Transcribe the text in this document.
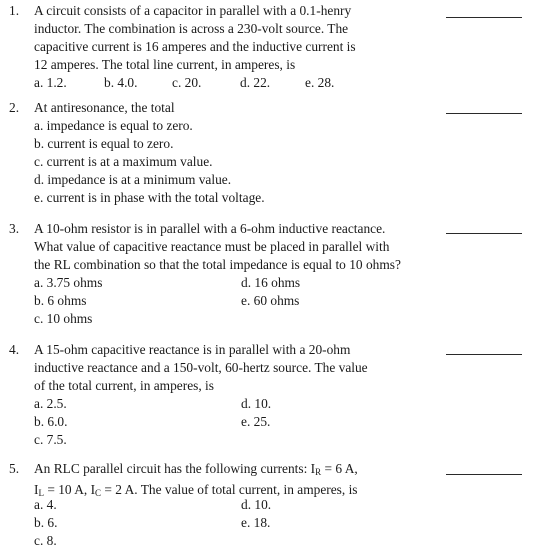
1. A circuit consists of a capacitor in parallel with a 0.1-henry
inductor. The combination is across a 230-volt source. The
capacitive current is 16 amperes and the inductive current is
12 amperes. The total line current, in amperes, is
a. 1.2.	b. 4.0.	c. 20.	d. 22.	e. 28.
2. At antiresonance, the total
a. impedance is equal to zero.
b. current is equal to zero.
c. current is at a maximum value.
d. impedance is at a minimum value.
e. current is in phase with the total voltage.
3. A 10-ohm resistor is in parallel with a 6-ohm inductive reactance.
What value of capacitive reactance must be placed in parallel with
the RL combination so that the total impedance is equal to 10 ohms?
a. 3.75 ohms
b. 6 ohms
c. 10 ohms
d. 16 ohms
e. 60 ohms
4. A 15-ohm capacitive reactance is in parallel with a 20-ohm
inductive reactance and a 150-volt, 60-hertz source. The value
of the total current, in amperes, is
a. 2.5.
b. 6.0.
c. 7.5.
d. 10.
e. 25.
5. An RLC parallel circuit has the following currents: $I_R = 6$ A,
$I_L = 10$ A, $I_C = 2$ A. The value of total current, in amperes, is
a. 4.
b. 6.
c. 8.
d. 10.
e. 18.
